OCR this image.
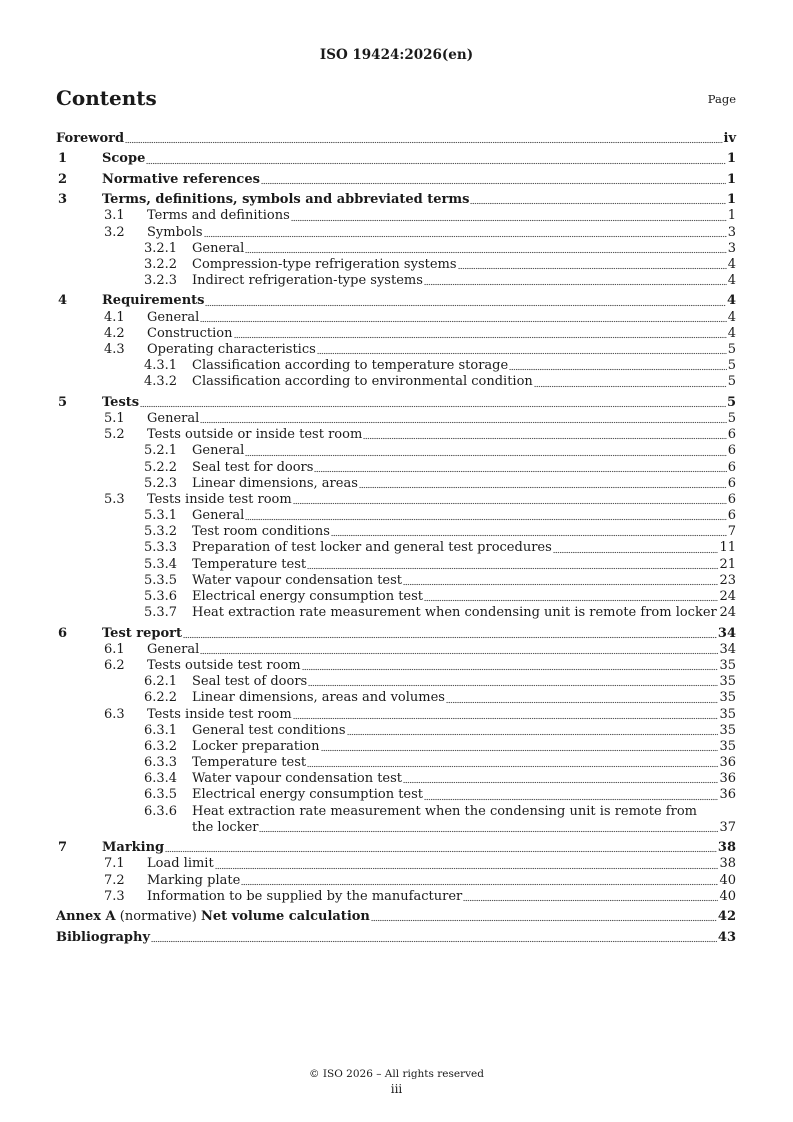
ISO 19424:2026(en)
Contents	Page
Foreword	iv
1	Scope	1
2	Normative references	1
3	Terms, definitions, symbols and abbreviated terms	1
3.1	Terms and definitions	1
3.2	Symbols	3
3.2.1	General	3
3.2.2	Compression-type refrigeration systems	4
3.2.3	Indirect refrigeration-type systems	4
4	Requirements	4
4.1	General	4
4.2	Construction	4
4.3	Operating characteristics	5
4.3.1	Classification according to temperature storage	5
4.3.2	Classification according to environmental condition	5
5	Tests	5
5.1	General	5
5.2	Tests outside or inside test room	6
5.2.1	General	6
5.2.2	Seal test for doors	6
5.2.3	Linear dimensions, areas	6
5.3	Tests inside test room	6
5.3.1	General	6
5.3.2	Test room conditions	7
5.3.3	Preparation of test locker and general test procedures	11
5.3.4	Temperature test	21
5.3.5	Water vapour condensation test	23
5.3.6	Electrical energy consumption test	24
5.3.7	Heat extraction rate measurement when condensing unit is remote from locker 24
6	Test report	34
6.1	General	34
6.2	Tests outside test room	35
6.2.1	Seal test of doors	35
6.2.2	Linear dimensions, areas and volumes	35
6.3	Tests inside test room	35
6.3.1	General test conditions	35
6.3.2	Locker preparation	35
6.3.3	Temperature test	36
6.3.4	Water vapour condensation test	36
6.3.5	Electrical energy consumption test	36
6.3.6	Heat extraction rate measurement when the condensing unit is remote from
the locker	37
7	Marking	38
7.1	Load limit	38
7.2	Marking plate	40
7.3	Information to be supplied by the manufacturer	40
Annex A (normative) Net volume calculation	42
Bibliography	43
© ISO 2026 – All rights reserved
iii
